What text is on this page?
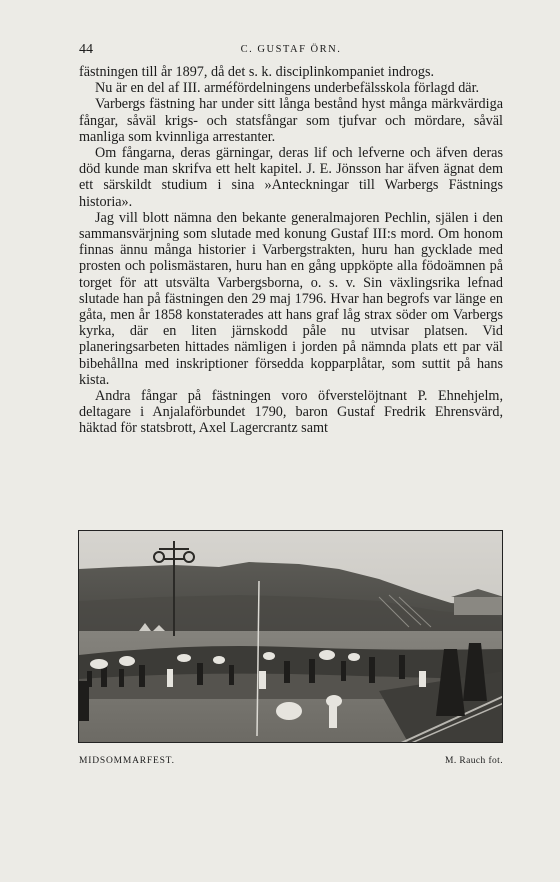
44	C. GUSTAF ÖRN.

fästningen till år 1897, då det s. k. disciplinkompaniet indrogs.

Nu är en del af III. arméfördelningens underbefälsskola förlagd där.

Varbergs fästning har under sitt långa bestånd hyst många märkvärdiga fångar, såväl krigs- och statsfångar som tjufvar och mördare, såväl manliga som kvinnliga arrestanter.

Om fångarna, deras gärningar, deras lif och lefverne och äfven deras död kunde man skrifva ett helt kapitel. J. E. Jönsson har äfven ägnat dem ett särskildt studium i sina »Anteckningar till Warbergs Fästnings historia».

Jag vill blott nämna den bekante generalmajoren Pechlin, själen i den sammansvärjning som slutade med konung Gustaf III:s mord. Om honom finnas ännu många historier i Varbergstrakten, huru han gycklade med prosten och polismästaren, huru han en gång uppköpte alla födoämnen på torget för att utsvälta Varbergsborna, o. s. v. Sin växlingsrika lefnad slutade han på fästningen den 29 maj 1796. Hvar han begrofs var länge en gåta, men år 1858 konstaterades att hans graf låg strax söder om Varbergs kyrka, där en liten järnskodd påle nu utvisar platsen. Vid planeringsarbeten hittades nämligen i jorden på nämnda plats ett par väl bibehållna med inskriptioner försedda kopparplåtar, som suttit på hans kista.

Andra fångar på fästningen voro öfverstelöjtnant P. Ehnehjelm, deltagare i Anjalaförbundet 1790, baron Gustaf Fredrik Ehrensvärd, häktad för statsbrott, Axel Lagercrantz samt

MIDSOMMARFEST.	M. Rauch fot.
